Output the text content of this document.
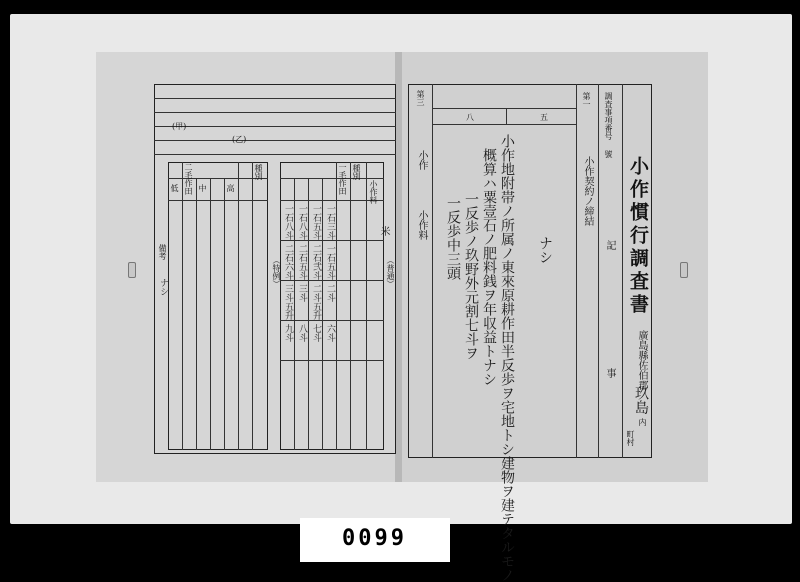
(甲)
(乙)
二毛作田	種別
低 中 高
備考
ナシ
一毛作田 種別
小作料
米
（普通）
（特例）
一石八斗 一石八斗 一石五斗 一石三斗
二石六斗 二石五斗 二石弐斗 一石五斗
三斗五升 三斗 二斗五升 二斗
九斗 八斗 七斗 六斗
八	五
小作慣行調査書
廣島縣佐伯郡
玖島
内
町村
調査事項番号
號
記
事
第一
小作契約ノ締結
ナシ
小作地附帯ノ所属ノ東來原耕作田半反歩ヲ宅地トシ建物ヲ建テタルモノ
概算ハ粟壹石ノ肥料銭ヲ年収益トナシ
一反歩ノ玖野外元割七斗ヲ
一反歩中三頭
第三
小作
小作料
0099
